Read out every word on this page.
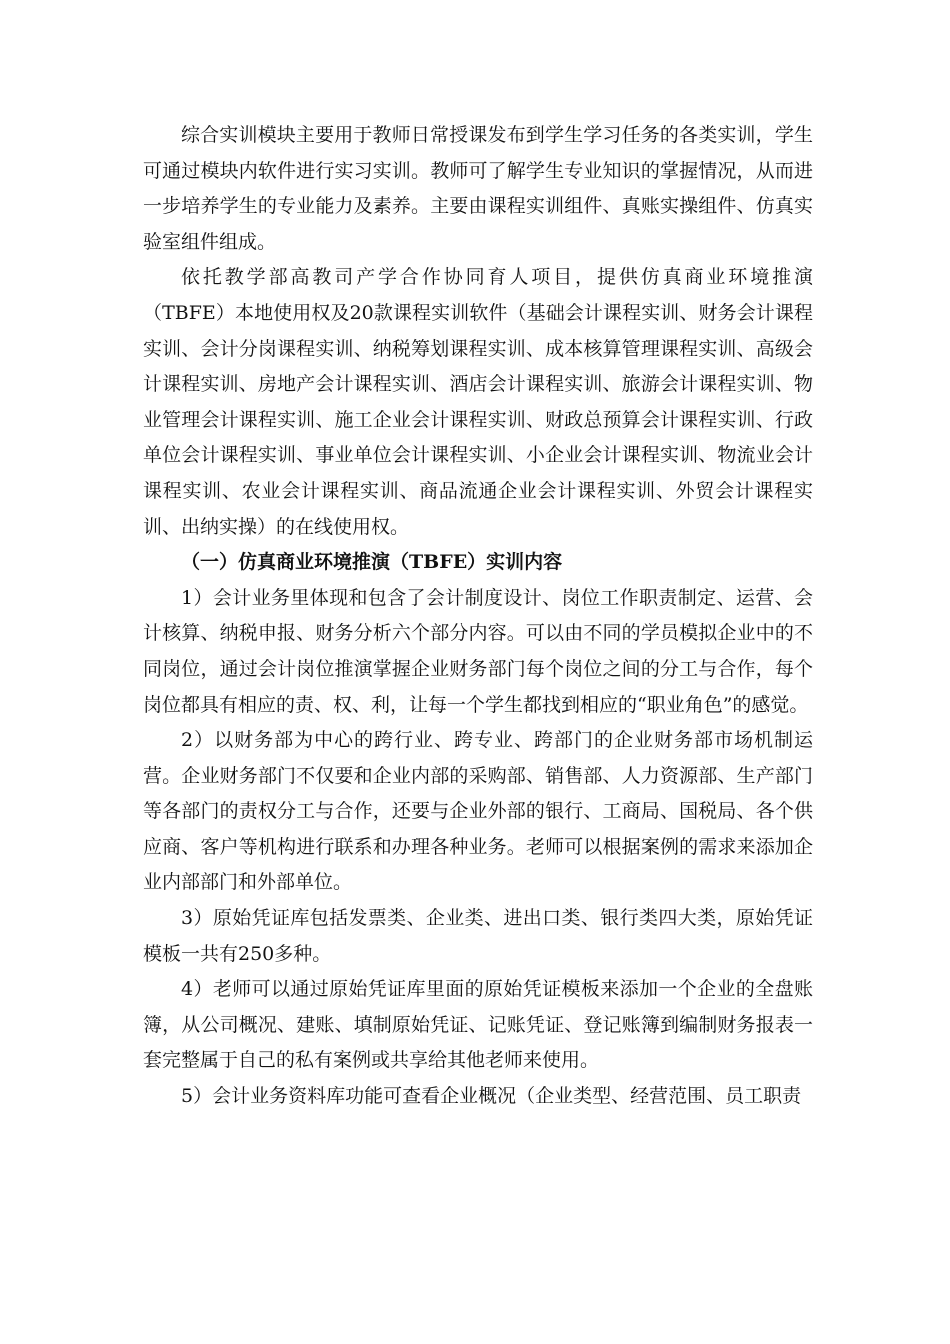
综合实训模块主要用于教师日常授课发布到学生学习任务的各类实训，学生可通过模块内软件进行实习实训。教师可了解学生专业知识的掌握情况，从而进一步培养学生的专业能力及素养。主要由课程实训组件、真账实操组件、仿真实验室组件组成。

依托教学部高教司产学合作协同育人项目，提供仿真商业环境推演（TBFE）本地使用权及20款课程实训软件（基础会计课程实训、财务会计课程实训、会计分岗课程实训、纳税筹划课程实训、成本核算管理课程实训、高级会计课程实训、房地产会计课程实训、酒店会计课程实训、旅游会计课程实训、物业管理会计课程实训、施工企业会计课程实训、财政总预算会计课程实训、行政单位会计课程实训、事业单位会计课程实训、小企业会计课程实训、物流业会计课程实训、农业会计课程实训、商品流通企业会计课程实训、外贸会计课程实训、出纳实操）的在线使用权。

（一）仿真商业环境推演（TBFE）实训内容

1）会计业务里体现和包含了会计制度设计、岗位工作职责制定、运营、会计核算、纳税申报、财务分析六个部分内容。可以由不同的学员模拟企业中的不同岗位，通过会计岗位推演掌握企业财务部门每个岗位之间的分工与合作，每个岗位都具有相应的责、权、利，让每一个学生都找到相应的“职业角色”的感觉。

2）以财务部为中心的跨行业、跨专业、跨部门的企业财务部市场机制运营。企业财务部门不仅要和企业内部的采购部、销售部、人力资源部、生产部门等各部门的责权分工与合作，还要与企业外部的银行、工商局、国税局、各个供应商、客户等机构进行联系和办理各种业务。老师可以根据案例的需求来添加企业内部部门和外部单位。

3）原始凭证库包括发票类、企业类、进出口类、银行类四大类，原始凭证模板一共有250多种。

4）老师可以通过原始凭证库里面的原始凭证模板来添加一个企业的全盘账簿，从公司概况、建账、填制原始凭证、记账凭证、登记账簿到编制财务报表一套完整属于自己的私有案例或共享给其他老师来使用。

5）会计业务资料库功能可查看企业概况（企业类型、经营范围、员工职责
